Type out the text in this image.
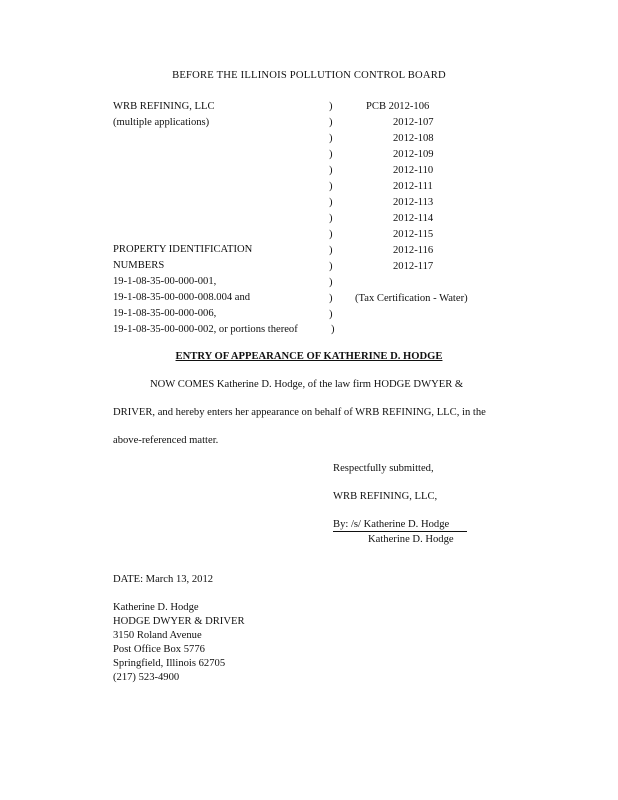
BEFORE THE ILLINOIS POLLUTION CONTROL BOARD
WRB REFINING, LLC
(multiple applications)
PROPERTY IDENTIFICATION
NUMBERS
19-1-08-35-00-000-001,
19-1-08-35-00-000-008.004 and
19-1-08-35-00-000-006,
19-1-08-35-00-000-002, or portions thereof
)
)
)
)
)
)
)
)
)
)
)
)
)
)
)
PCB 2012-106
2012-107
2012-108
2012-109
2012-110
2012-111
2012-113
2012-114
2012-115
2012-116
2012-117
(Tax Certification - Water)
ENTRY OF APPEARANCE OF KATHERINE D. HODGE
NOW COMES Katherine D. Hodge, of the law firm HODGE DWYER &
DRIVER, and hereby enters her appearance on behalf of WRB REFINING, LLC, in the
above-referenced matter.
Respectfully submitted,
WRB REFINING, LLC,
By: /s/ Katherine D. Hodge
Katherine D. Hodge
DATE: March 13, 2012
Katherine D. Hodge
HODGE DWYER & DRIVER
3150 Roland Avenue
Post Office Box 5776
Springfield, Illinois 62705
(217) 523-4900
